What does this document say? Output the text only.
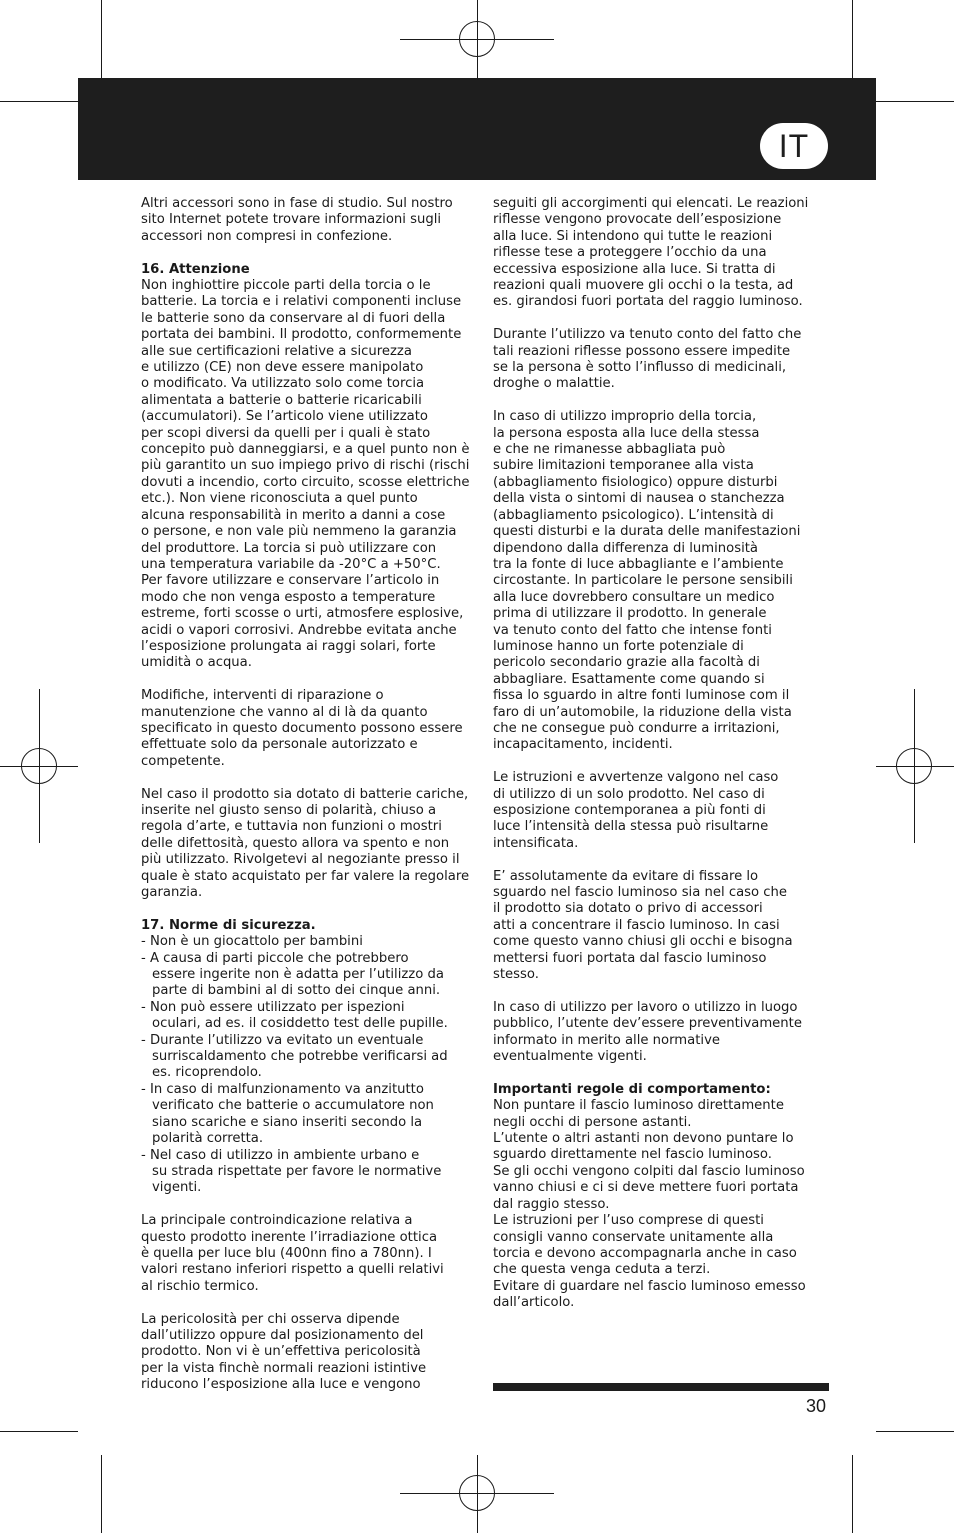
IT

Altri accessori sono in fase di studio. Sul nostro
sito Internet potete trovare informazioni sugli
accessori non compresi in confezione.

16. Attenzione

Non inghiottire piccole parti della torcia o le
batterie. La torcia e i relativi componenti incluse
le batterie sono da conservare al di fuori della
portata dei bambini. Il prodotto, conformemente
alle sue certificazioni relative a sicurezza
e utilizzo (CE) non deve essere manipolato
o modificato. Va utilizzato solo come torcia
alimentata a batterie o batterie ricaricabili
(accumulatori). Se l’articolo viene utilizzato
per scopi diversi da quelli per i quali è stato
concepito può danneggiarsi, e a quel punto non è
più garantito un suo impiego privo di rischi (rischi
dovuti a incendio, corto circuito, scosse elettriche
etc.). Non viene riconosciuta a quel punto
alcuna responsabilità in merito a danni a cose
o persone, e non vale più nemmeno la garanzia
del produttore. La torcia si può utilizzare con
una temperatura variabile da -20°C a +50°C.
Per favore utilizzare e conservare l’articolo in
modo che non venga esposto a temperature
estreme, forti scosse o urti, atmosfere esplosive,
acidi o vapori corrosivi. Andrebbe evitata anche
l’esposizione prolungata ai raggi solari, forte
umidità o acqua.

Modifiche, interventi di riparazione o
manutenzione che vanno al di là da quanto
specificato in questo documento possono essere
effettuate solo da personale autorizzato e
competente.

Nel caso il prodotto sia dotato di batterie cariche,
inserite nel giusto senso di polarità, chiuso a
regola d’arte, e tuttavia non funzioni o mostri
delle difettosità, questo allora va spento e non
più utilizzato. Rivolgetevi al negoziante presso il
quale è stato acquistato per far valere la regolare
garanzia.

17. Norme di sicurezza.

- Non è un giocattolo per bambini
- A causa di parti piccole che potrebbero
essere ingerite non è adatta per l’utilizzo da
parte di bambini al di sotto dei cinque anni.
- Non può essere utilizzato per ispezioni
oculari, ad es. il cosiddetto test delle pupille.
- Durante l’utilizzo va evitato un eventuale
surriscaldamento che potrebbe verificarsi ad
es. ricoprendolo.
- In caso di malfunzionamento va anzitutto
verificato che batterie o accumulatore non
siano scariche e siano inseriti secondo la
polarità corretta.
- Nel caso di utilizzo in ambiente urbano e
su strada rispettate per favore le normative
vigenti.

La principale controindicazione relativa a
questo prodotto inerente l’irradiazione ottica
è quella per luce blu (400nn fino a 780nn). I
valori restano inferiori rispetto a quelli relativi
al rischio termico.

La pericolosità per chi osserva dipende
dall’utilizzo oppure dal posizionamento del
prodotto. Non vi è un’effettiva pericolosità
per la vista finchè normali reazioni istintive
riducono l’esposizione alla luce e vengono

seguiti gli accorgimenti qui elencati. Le reazioni
riflesse vengono provocate dell’esposizione
alla luce. Si intendono qui tutte le reazioni
riflesse tese a proteggere l’occhio da una
eccessiva esposizione alla luce. Si tratta di
reazioni quali muovere gli occhi o la testa, ad
es. girandosi fuori portata del raggio luminoso.

Durante l’utilizzo va tenuto conto del fatto che
tali reazioni riflesse possono essere impedite
se la persona è sotto l’influsso di medicinali,
droghe o malattie.

In caso di utilizzo improprio della torcia,
la persona esposta alla luce della stessa
e che ne rimanesse abbagliata può
subire limitazioni temporanee alla vista
(abbagliamento fisiologico) oppure disturbi
della vista o sintomi di nausea o stanchezza
(abbagliamento psicologico). L’intensità di
questi disturbi e la durata delle manifestazioni
dipendono dalla differenza di luminosità
tra la fonte di luce abbagliante e l’ambiente
circostante. In particolare le persone sensibili
alla luce dovrebbero consultare un medico
prima di utilizzare il prodotto. In generale
va tenuto conto del fatto che intense fonti
luminose hanno un forte potenziale di
pericolo secondario grazie alla facoltà di
abbagliare. Esattamente come quando si
fissa lo sguardo in altre fonti luminose com il
faro di un’automobile, la riduzione della vista
che ne consegue può condurre a irritazioni,
incapacitamento, incidenti.

Le istruzioni e avvertenze valgono nel caso
di utilizzo di un solo prodotto. Nel caso di
esposizione contemporanea a più fonti di
luce l’intensità della stessa può risultarne
intensificata.

E’ assolutamente da evitare di fissare lo
sguardo nel fascio luminoso sia nel caso che
il prodotto sia dotato o privo di accessori
atti a concentrare il fascio luminoso. In casi
come questo vanno chiusi gli occhi e bisogna
mettersi fuori portata dal fascio luminoso
stesso.

In caso di utilizzo per lavoro o utilizzo in luogo
pubblico, l’utente dev’essere preventivamente
informato in merito alle normative
eventualmente vigenti.

Importanti regole di comportamento:

Non puntare il fascio luminoso direttamente
negli occhi di persone astanti.
L’utente o altri astanti non devono puntare lo
sguardo direttamente nel fascio luminoso.
Se gli occhi vengono colpiti dal fascio luminoso
vanno chiusi e ci si deve mettere fuori portata
dal raggio stesso.
Le istruzioni per l’uso comprese di questi
consigli vanno conservate unitamente alla
torcia e devono accompagnarla anche in caso
che questa venga ceduta a terzi.
Evitare di guardare nel fascio luminoso emesso
dall’articolo.

30
